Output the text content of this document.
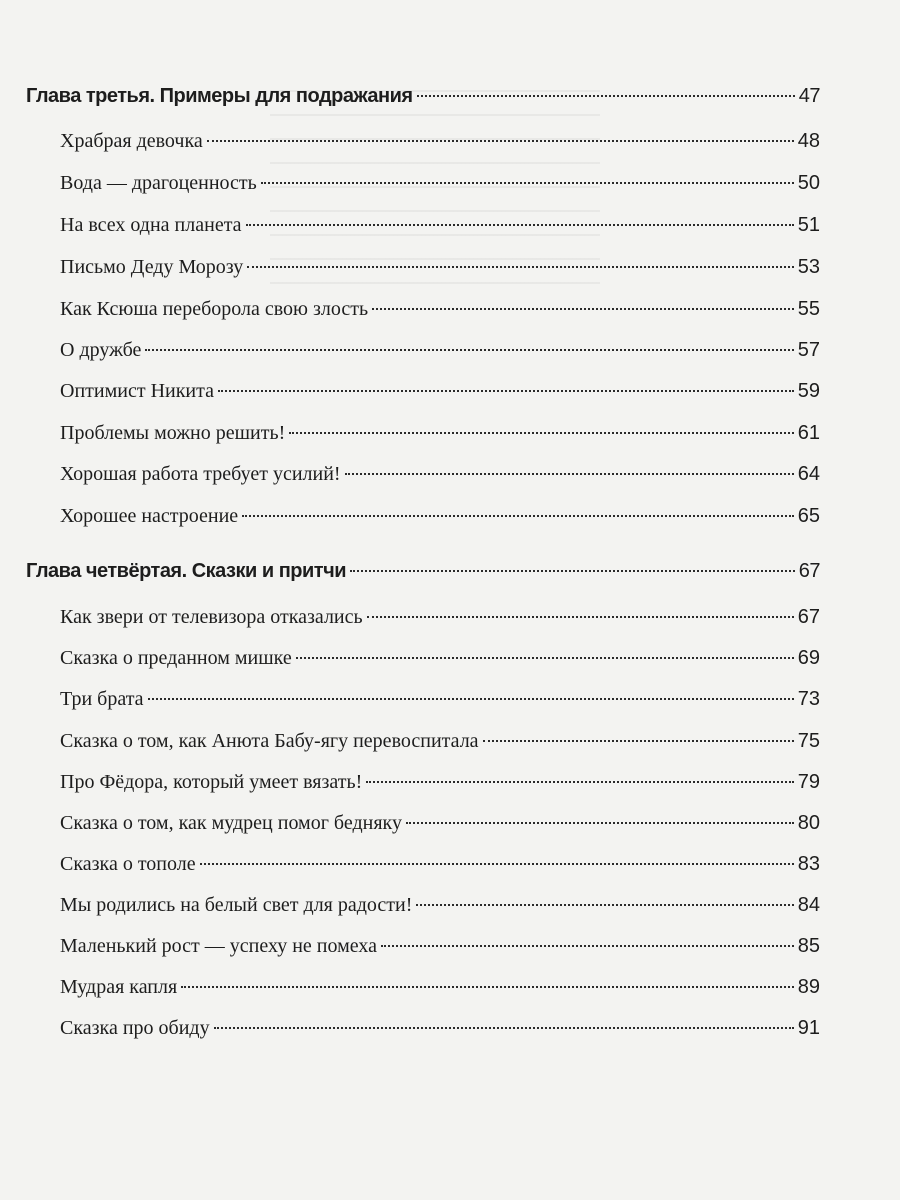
Глава третья. Примеры для подражания	47
Храбрая девочка	48
Вода — драгоценность	50
На всех одна планета	51
Письмо Деду Морозу	53
Как Ксюша переборола свою злость	55
О дружбе	57
Оптимист Никита	59
Проблемы можно решить!	61
Хорошая работа требует усилий!	64
Хорошее настроение	65
Глава четвёртая. Сказки и притчи	67
Как звери от телевизора отказались	67
Сказка о преданном мишке	69
Три брата	73
Сказка о том, как Анюта Бабу-ягу перевоспитала	75
Про Фёдора, который умеет вязать!	79
Сказка о том, как мудрец помог бедняку	80
Сказка о тополе	83
Мы родились на белый свет для радости!	84
Маленький рост — успеху не помеха	85
Мудрая капля	89
Сказка про обиду	91
